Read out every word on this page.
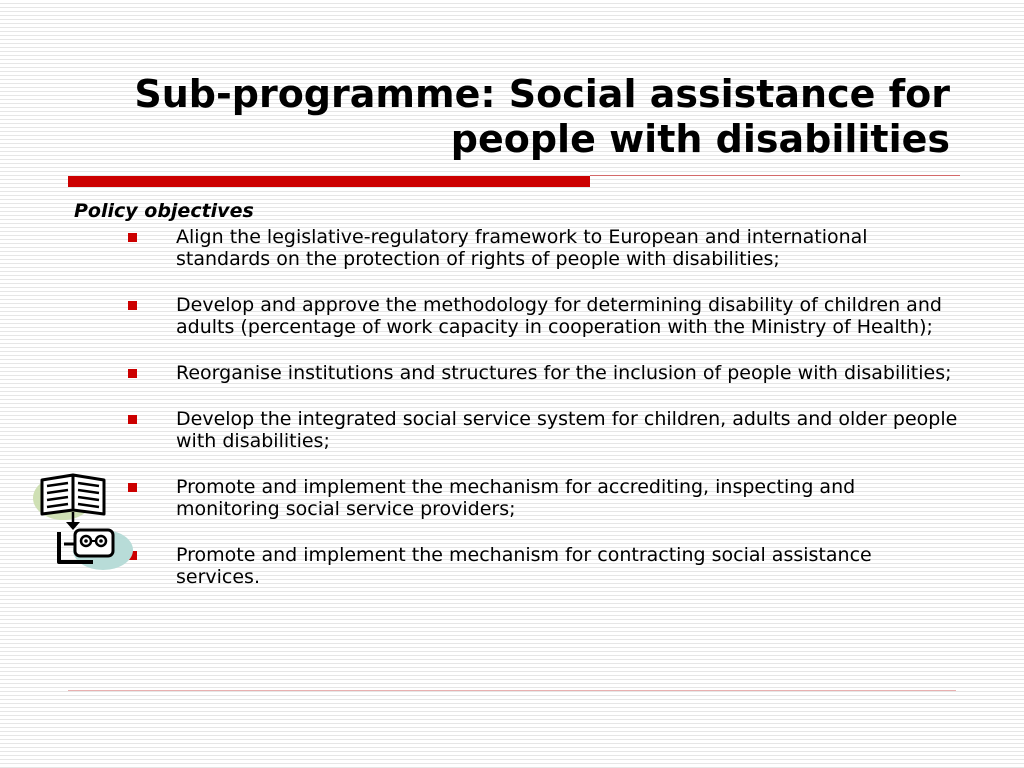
Sub-programme: Social assistance for
people with disabilities

Policy objectives

Align the legislative-regulatory framework to European and international standards on the protection of rights of people with disabilities;
Develop and approve the methodology for determining disability of children and adults (percentage of work capacity in cooperation with the Ministry of Health);
Reorganise institutions and structures for the inclusion of people with disabilities;
Develop the integrated social service system for children, adults and older people with disabilities;
Promote and implement the mechanism for accrediting, inspecting and monitoring social service providers;
Promote and implement the mechanism for contracting social assistance services.
